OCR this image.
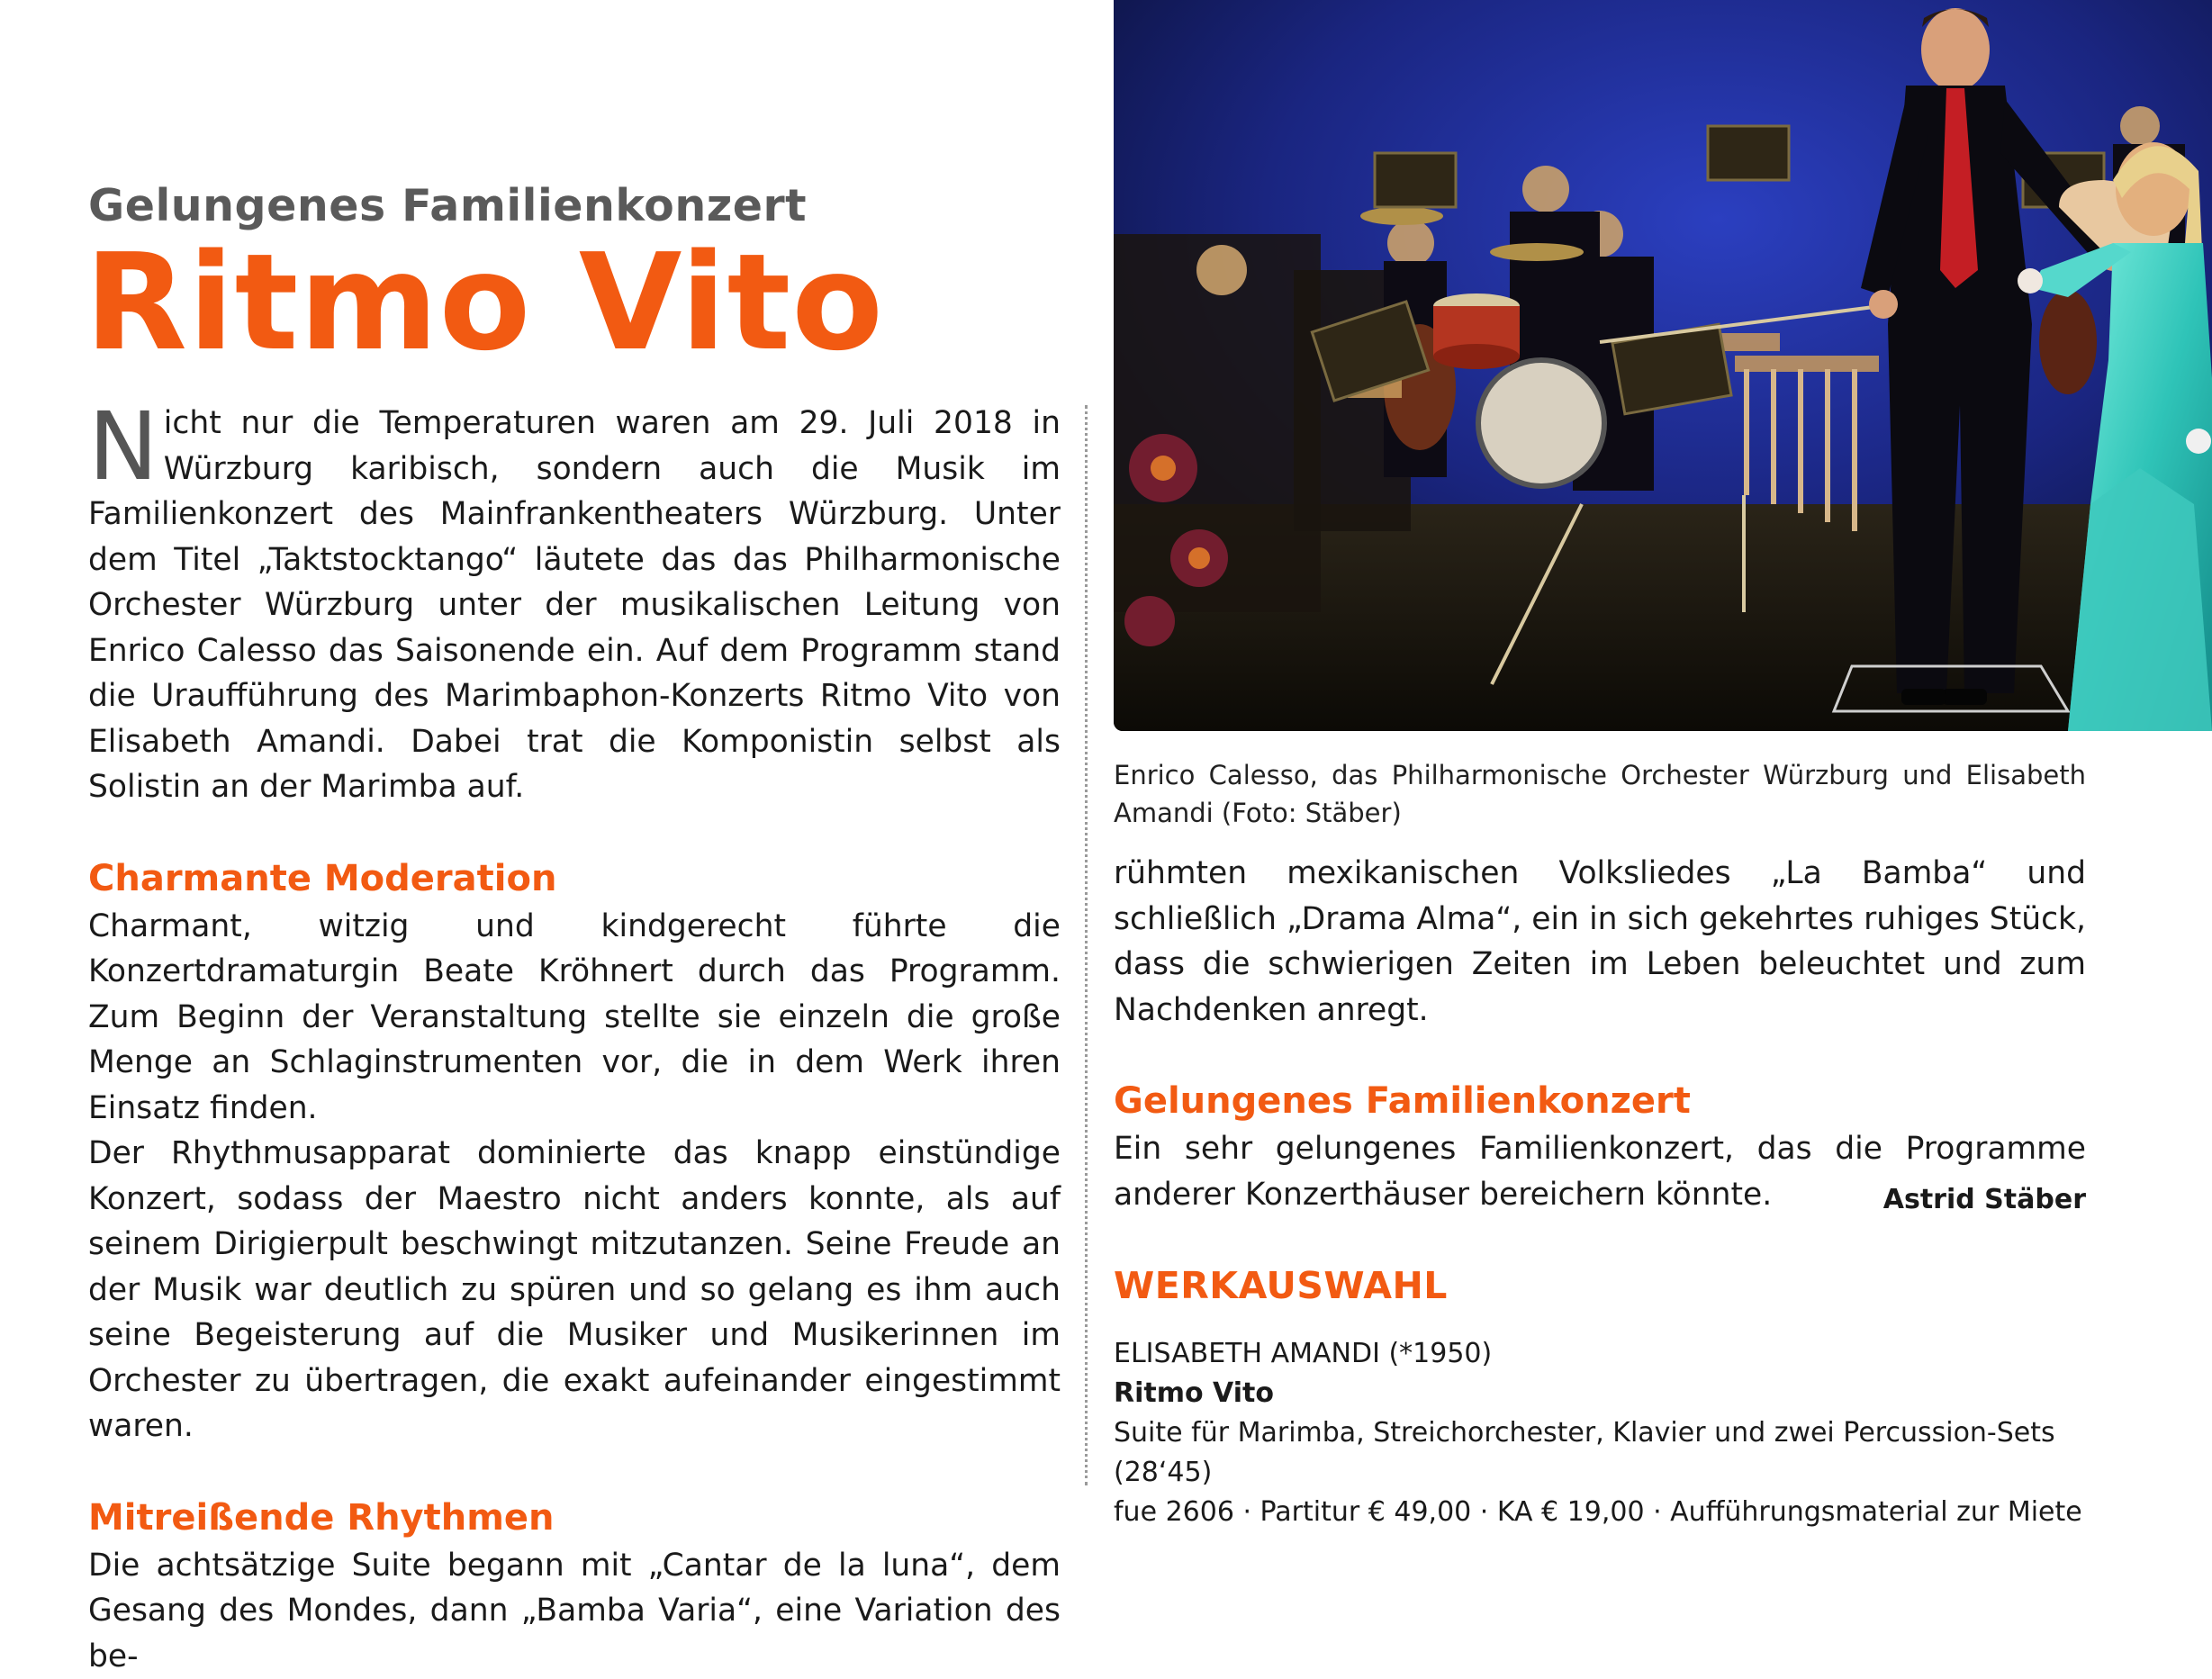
Gelungenes Familienkonzert
Ritmo Vito

Nicht nur die Temperaturen waren am 29. Juli 2018 in Würzburg karibisch, sondern auch die Musik im Familienkonzert des Mainfrankentheaters Würzburg. Unter dem Titel „Taktstocktango“ läutete das das Philharmonische Orchester Würzburg unter der musikalischen Leitung von Enrico Calesso das Saisonende ein. Auf dem Programm stand die Uraufführung des Marimbaphon-Konzerts Ritmo Vito von Elisabeth Amandi. Dabei trat die Komponistin selbst als Solistin an der Marimba auf.

Charmante Moderation

Charmant, witzig und kindgerecht führte die Konzertdramaturgin Beate Kröhnert durch das Programm. Zum Beginn der Veranstaltung stellte sie einzeln die große Menge an Schlaginstrumenten vor, die in dem Werk ihren Einsatz finden.

Der Rhythmusapparat dominierte das knapp einstündige Konzert, sodass der Maestro nicht anders konnte, als auf seinem Dirigierpult beschwingt mitzutanzen. Seine Freude an der Musik war deutlich zu spüren und so gelang es ihm auch seine Begeisterung auf die Musiker und Musikerinnen im Orchester zu übertragen, die exakt aufeinander eingestimmt waren.

Mitreißende Rhythmen

Die achtsätzige Suite begann mit „Cantar de la luna“, dem Gesang des Mondes, dann „Bamba Varia“, eine Variation des be-

Enrico Calesso, das Philharmonische Orchester Würzburg und Elisabeth Amandi (Foto: Stäber)

rühmten mexikanischen Volksliedes „La Bamba“ und schließlich „Drama Alma“, ein in sich gekehrtes ruhiges Stück, dass die schwierigen Zeiten im Leben beleuchtet und zum Nachdenken anregt.

Gelungenes Familienkonzert

Ein sehr gelungenes Familienkonzert, das die Programme anderer Konzerthäuser bereichern könnte.	Astrid Stäber

WERKAUSWAHL

ELISABETH AMANDI (*1950)

Ritmo Vito

Suite für Marimba, Streichorchester, Klavier und zwei Percussion-Sets (28‘45)

fue 2606 · Partitur € 49,00 · KA € 19,00 · Aufführungsmaterial zur Miete
